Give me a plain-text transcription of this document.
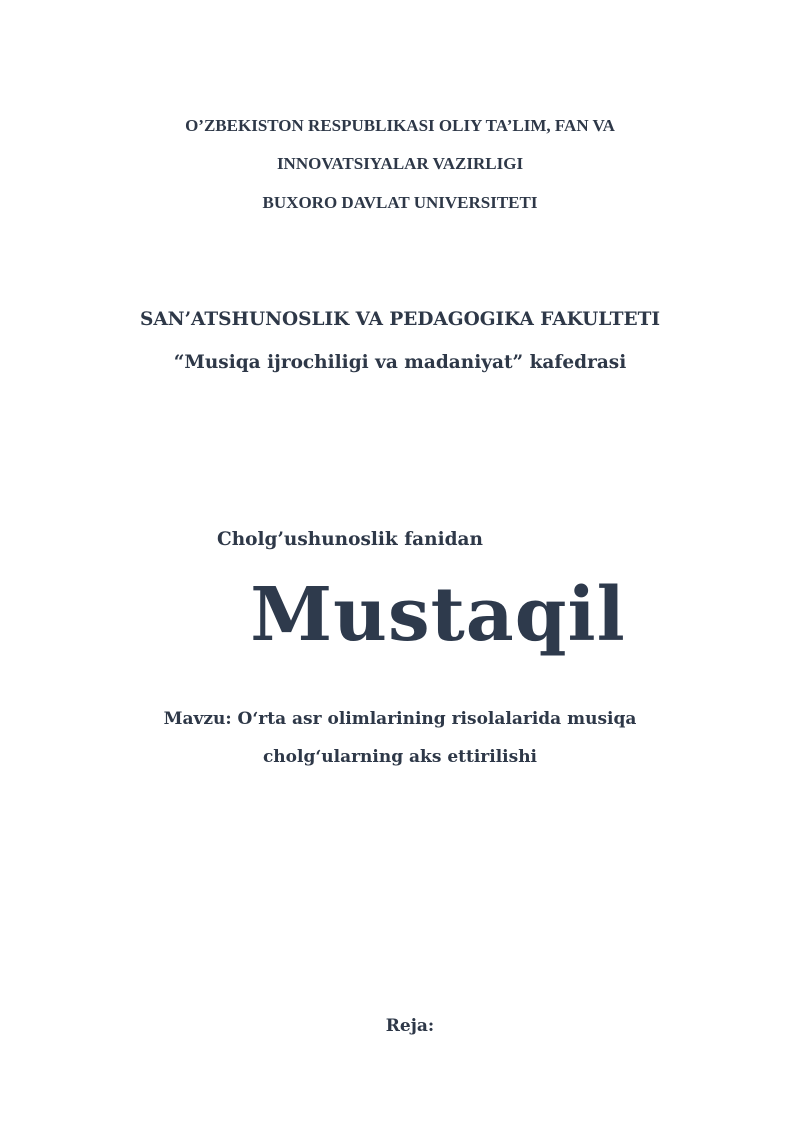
O’ZBEKISTON RESPUBLIKASI OLIY TA’LIM, FAN VA
INNOVATSIYALAR VAZIRLIGI
BUXORO DAVLAT UNIVERSITETI
SAN’ATSHUNOSLIK VA PEDAGOGIKA FAKULTETI
“Musiqa ijrochiligi va madaniyat” kafedrasi
Cholg’ushunoslik fanidan
Mustaqil
Mavzu: O‘rta asr olimlarining risolalarida musiqa
cholg‘ularning aks ettirilishi
Reja:
